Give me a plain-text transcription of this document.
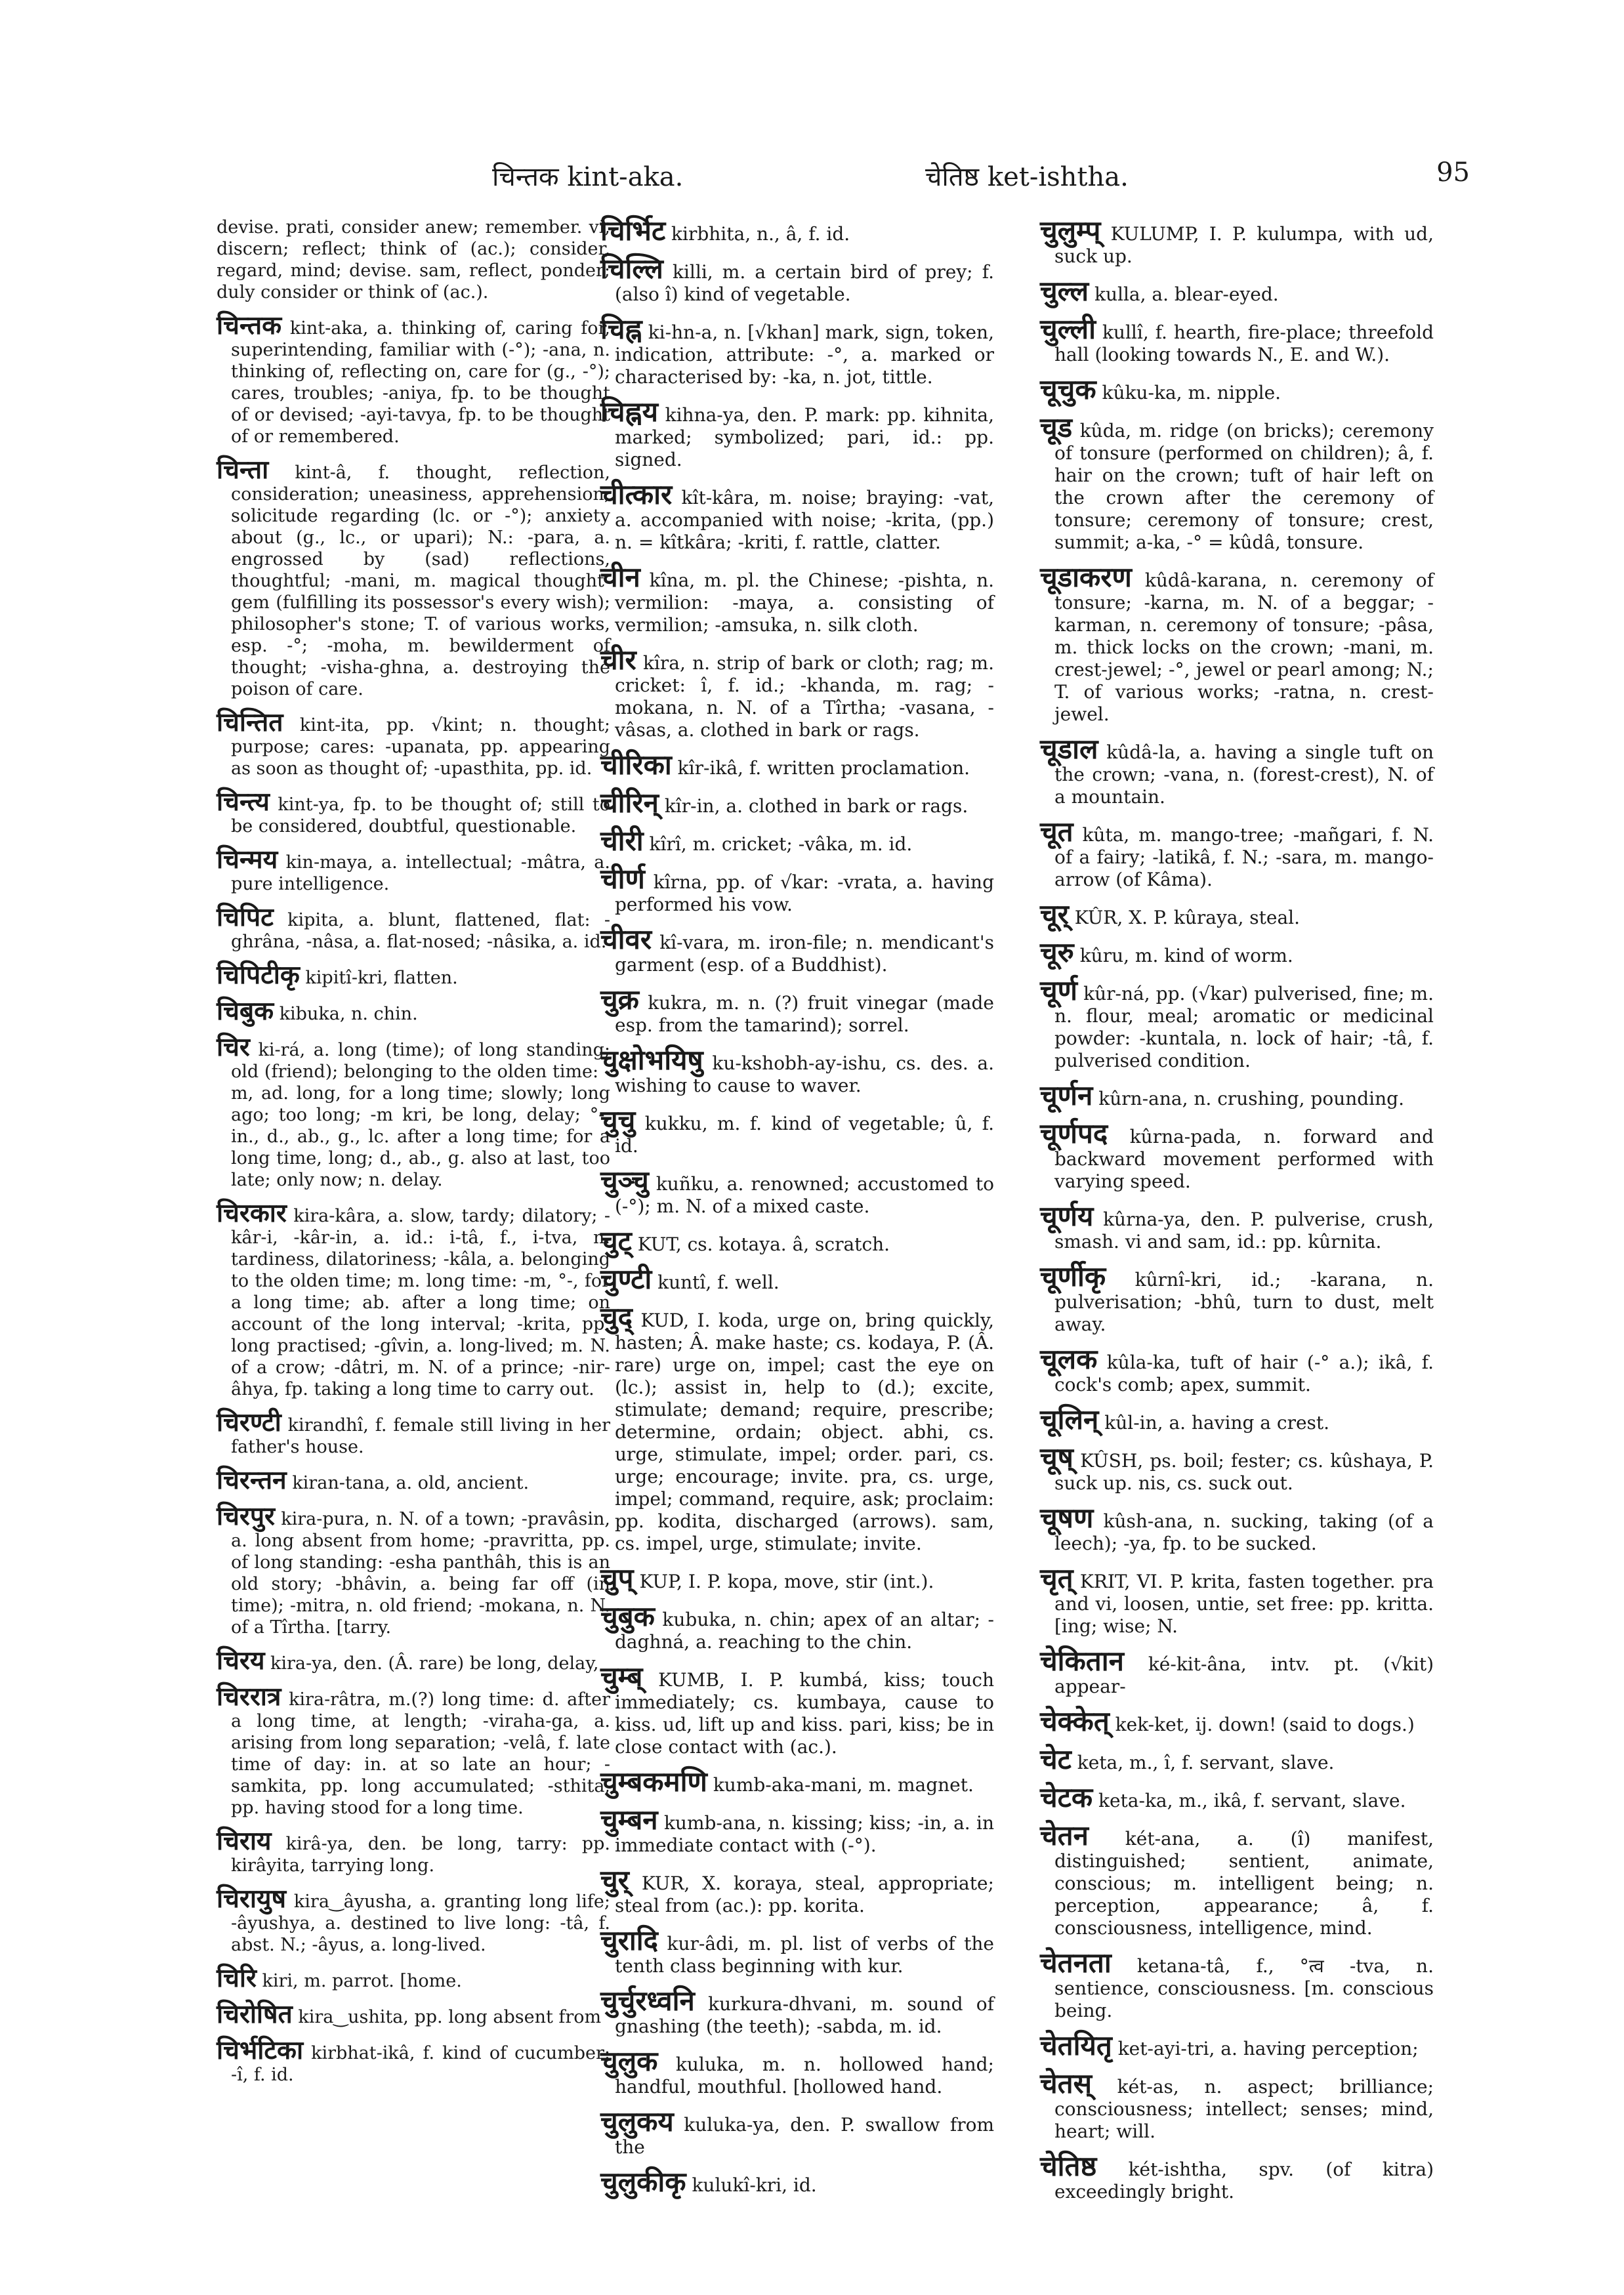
चिन्तक kint-aka.	चेतिष्ठ ket-ishtha.	95
devise. prati, consider anew; remember. vi, discern; reflect; think of (ac.); consider, regard, mind; devise. sam, reflect, ponder; duly consider or think of (ac.).
चिन्तक kint-aka, a. thinking of, caring for, superintending, familiar with (-°); -ana, n. thinking of, reflecting on, care for (g., -°); cares, troubles; -aniya, fp. to be thought of or devised; -ayi-tavya, fp. to be thought of or remembered.
चिन्ता kint-â, f. thought, reflection, consideration; uneasiness, apprehension; solicitude regarding (lc. or -°); anxiety about (g., lc., or upari); N.: -para, a. engrossed by (sad) reflections, thoughtful; -mani, m. magical thought-gem (fulfilling its possessor's every wish); philosopher's stone; T. of various works, esp. -°; -moha, m. bewilderment of thought; -visha-ghna, a. destroying the poison of care.
चिन्तित kint-ita, pp. √kint; n. thought; purpose; cares: -upanata, pp. appearing as soon as thought of; -upasthita, pp. id.
चिन्त्य kint-ya, fp. to be thought of; still to be considered, doubtful, questionable.
चिन्मय kin-maya, a. intellectual; -mâtra, a. pure intelligence.
चिपिट kipita, a. blunt, flattened, flat: -ghrâna, -nâsa, a. flat-nosed; -nâsika, a. id.
चिपिटीकृ kipitî-kri, flatten.
चिबुक kibuka, n. chin.
चिर ki-rá, a. long (time); of long standing; old (friend); belonging to the olden time: -m, ad. long, for a long time; slowly; long ago; too long; -m kri, be long, delay; °-, in., d., ab., g., lc. after a long time; for a long time, long; d., ab., g. also at last, too late; only now; n. delay.
चिरकार kira-kâra, a. slow, tardy; dilatory; -kâr-i, -kâr-in, a. id.: i-tâ, f., i-tva, n. tardiness, dilatoriness; -kâla, a. belonging to the olden time; m. long time: -m, °-, for a long time; ab. after a long time; on account of the long interval; -krita, pp. long practised; -gîvin, a. long-lived; m. N. of a crow; -dâtri, m. N. of a prince; -nir-âhya, fp. taking a long time to carry out.
चिरण्टी kirandhî, f. female still living in her father's house.
चिरन्तन kiran-tana, a. old, ancient.
चिरपुर kira-pura, n. N. of a town; -pravâsin, a. long absent from home; -pravritta, pp. of long standing: -esha panthâh, this is an old story; -bhâvin, a. being far off (in time); -mitra, n. old friend; -mokana, n. N. of a Tîrtha. [tarry.
चिरय kira-ya, den. (Â. rare) be long, delay,
चिररात्र kira-râtra, m.(?) long time: d. after a long time, at length; -viraha-ga, a. arising from long separation; -velâ, f. late time of day: in. at so late an hour; -samkita, pp. long accumulated; -sthita, pp. having stood for a long time.
चिराय kirâ-ya, den. be long, tarry: pp. kirâyita, tarrying long.
चिरायुष kira‿âyusha, a. granting long life; -âyushya, a. destined to live long: -tâ, f. abst. N.; -âyus, a. long-lived.
चिरि kiri, m. parrot. [home.
चिरोषित kira‿ushita, pp. long absent from
चिर्भटिका kirbhat-ikâ, f. kind of cucumber: -î, f. id.
चिर्भिट kirbhita, n., â, f. id.
चिल्लि killi, m. a certain bird of prey; f. (also î) kind of vegetable.
चिह्न ki-hn-a, n. [√khan] mark, sign, token, indication, attribute: -°, a. marked or characterised by: -ka, n. jot, tittle.
चिह्नय kihna-ya, den. P. mark: pp. kihnita, marked; symbolized; pari, id.: pp. signed.
चीत्कार kît-kâra, m. noise; braying: -vat, a. accompanied with noise; -krita, (pp.) n. = kîtkâra; -kriti, f. rattle, clatter.
चीन kîna, m. pl. the Chinese; -pishta, n. vermilion: -maya, a. consisting of vermilion; -amsuka, n. silk cloth.
चीर kîra, n. strip of bark or cloth; rag; m. cricket: î, f. id.; -khanda, m. rag; -mokana, n. N. of a Tîrtha; -vasana, -vâsas, a. clothed in bark or rags.
चीरिका kîr-ikâ, f. written proclamation.
चीरिन् kîr-in, a. clothed in bark or rags.
चीरी kîrî, m. cricket; -vâka, m. id.
चीर्ण kîrna, pp. of √kar: -vrata, a. having performed his vow.
चीवर kî-vara, m. iron-file; n. mendicant's garment (esp. of a Buddhist).
चुक्र kukra, m. n. (?) fruit vinegar (made esp. from the tamarind); sorrel.
चुक्षोभयिषु ku-kshobh-ay-ishu, cs. des. a. wishing to cause to waver.
चुचु kukku, m. f. kind of vegetable; û, f. id.
चुञ्चु kuñku, a. renowned; accustomed to (-°); m. N. of a mixed caste.
चुट् KUT, cs. kotaya. â, scratch.
चुण्टी kuntî, f. well.
चुद् KUD, I. koda, urge on, bring quickly, hasten; Â. make haste; cs. kodaya, P. (Â. rare) urge on, impel; cast the eye on (lc.); assist in, help to (d.); excite, stimulate; demand; require, prescribe; determine, ordain; object. abhi, cs. urge, stimulate, impel; order. pari, cs. urge; encourage; invite. pra, cs. urge, impel; command, require, ask; proclaim: pp. kodita, discharged (arrows). sam, cs. impel, urge, stimulate; invite.
चुप् KUP, I. P. kopa, move, stir (int.).
चुबुक kubuka, n. chin; apex of an altar; -daghná, a. reaching to the chin.
चुम्ब् KUMB, I. P. kumbá, kiss; touch immediately; cs. kumbaya, cause to kiss. ud, lift up and kiss. pari, kiss; be in close contact with (ac.).
चुम्बकमणि kumb-aka-mani, m. magnet.
चुम्बन kumb-ana, n. kissing; kiss; -in, a. in immediate contact with (-°).
चुर् KUR, X. koraya, steal, appropriate; steal from (ac.): pp. korita.
चुरादि kur-âdi, m. pl. list of verbs of the tenth class beginning with kur.
चुर्चुरध्वनि kurkura-dhvani, m. sound of gnashing (the teeth); -sabda, m. id.
चुलुक kuluka, m. n. hollowed hand; handful, mouthful. [hollowed hand.
चुलुकय kuluka-ya, den. P. swallow from the
चुलुकीकृ kulukî-kri, id.
चुलुम्प् KULUMP, I. P. kulumpa, with ud, suck up.
चुल्ल kulla, a. blear-eyed.
चुल्ली kullî, f. hearth, fire-place; threefold hall (looking towards N., E. and W.).
चूचुक kûku-ka, m. nipple.
चूड kûda, m. ridge (on bricks); ceremony of tonsure (performed on children); â, f. hair on the crown; tuft of hair left on the crown after the ceremony of tonsure; ceremony of tonsure; crest, summit; a-ka, -° = kûdâ, tonsure.
चूडाकरण kûdâ-karana, n. ceremony of tonsure; -karna, m. N. of a beggar; -karman, n. ceremony of tonsure; -pâsa, m. thick locks on the crown; -mani, m. crest-jewel; -°, jewel or pearl among; N.; T. of various works; -ratna, n. crest-jewel.
चूडाल kûdâ-la, a. having a single tuft on the crown; -vana, n. (forest-crest), N. of a mountain.
चूत kûta, m. mango-tree; -mañgari, f. N. of a fairy; -latikâ, f. N.; -sara, m. mango-arrow (of Kâma).
चूर् KÛR, X. P. kûraya, steal.
चूरु kûru, m. kind of worm.
चूर्ण kûr-ná, pp. (√kar) pulverised, fine; m. n. flour, meal; aromatic or medicinal powder: -kuntala, n. lock of hair; -tâ, f. pulverised condition.
चूर्णन kûrn-ana, n. crushing, pounding.
चूर्णपद kûrna-pada, n. forward and backward movement performed with varying speed.
चूर्णय kûrna-ya, den. P. pulverise, crush, smash. vi and sam, id.: pp. kûrnita.
चूर्णीकृ kûrnî-kri, id.; -karana, n. pulverisation; -bhû, turn to dust, melt away.
चूलक kûla-ka, tuft of hair (-° a.); ikâ, f. cock's comb; apex, summit.
चूलिन् kûl-in, a. having a crest.
चूष् KÛSH, ps. boil; fester; cs. kûshaya, P. suck up. nis, cs. suck out.
चूषण kûsh-ana, n. sucking, taking (of a leech); -ya, fp. to be sucked.
चृत् KRIT, VI. P. krita, fasten together. pra and vi, loosen, untie, set free: pp. kritta. [ing; wise; N.
चेकितान ké-kit-âna, intv. pt. (√kit) appear-
चेक्केत् kek-ket, ij. down! (said to dogs.)
चेट keta, m., î, f. servant, slave.
चेटक keta-ka, m., ikâ, f. servant, slave.
चेतन két-ana, a. (î) manifest, distinguished; sentient, animate, conscious; m. intelligent being; n. perception, appearance; â, f. consciousness, intelligence, mind.
चेतनता ketana-tâ, f., °त्व -tva, n. sentience, consciousness. [m. conscious being.
चेतयितृ ket-ayi-tri, a. having perception;
चेतस् két-as, n. aspect; brilliance; consciousness; intellect; senses; mind, heart; will.
चेतिष्ठ két-ishtha, spv. (of kitra) exceedingly bright.
